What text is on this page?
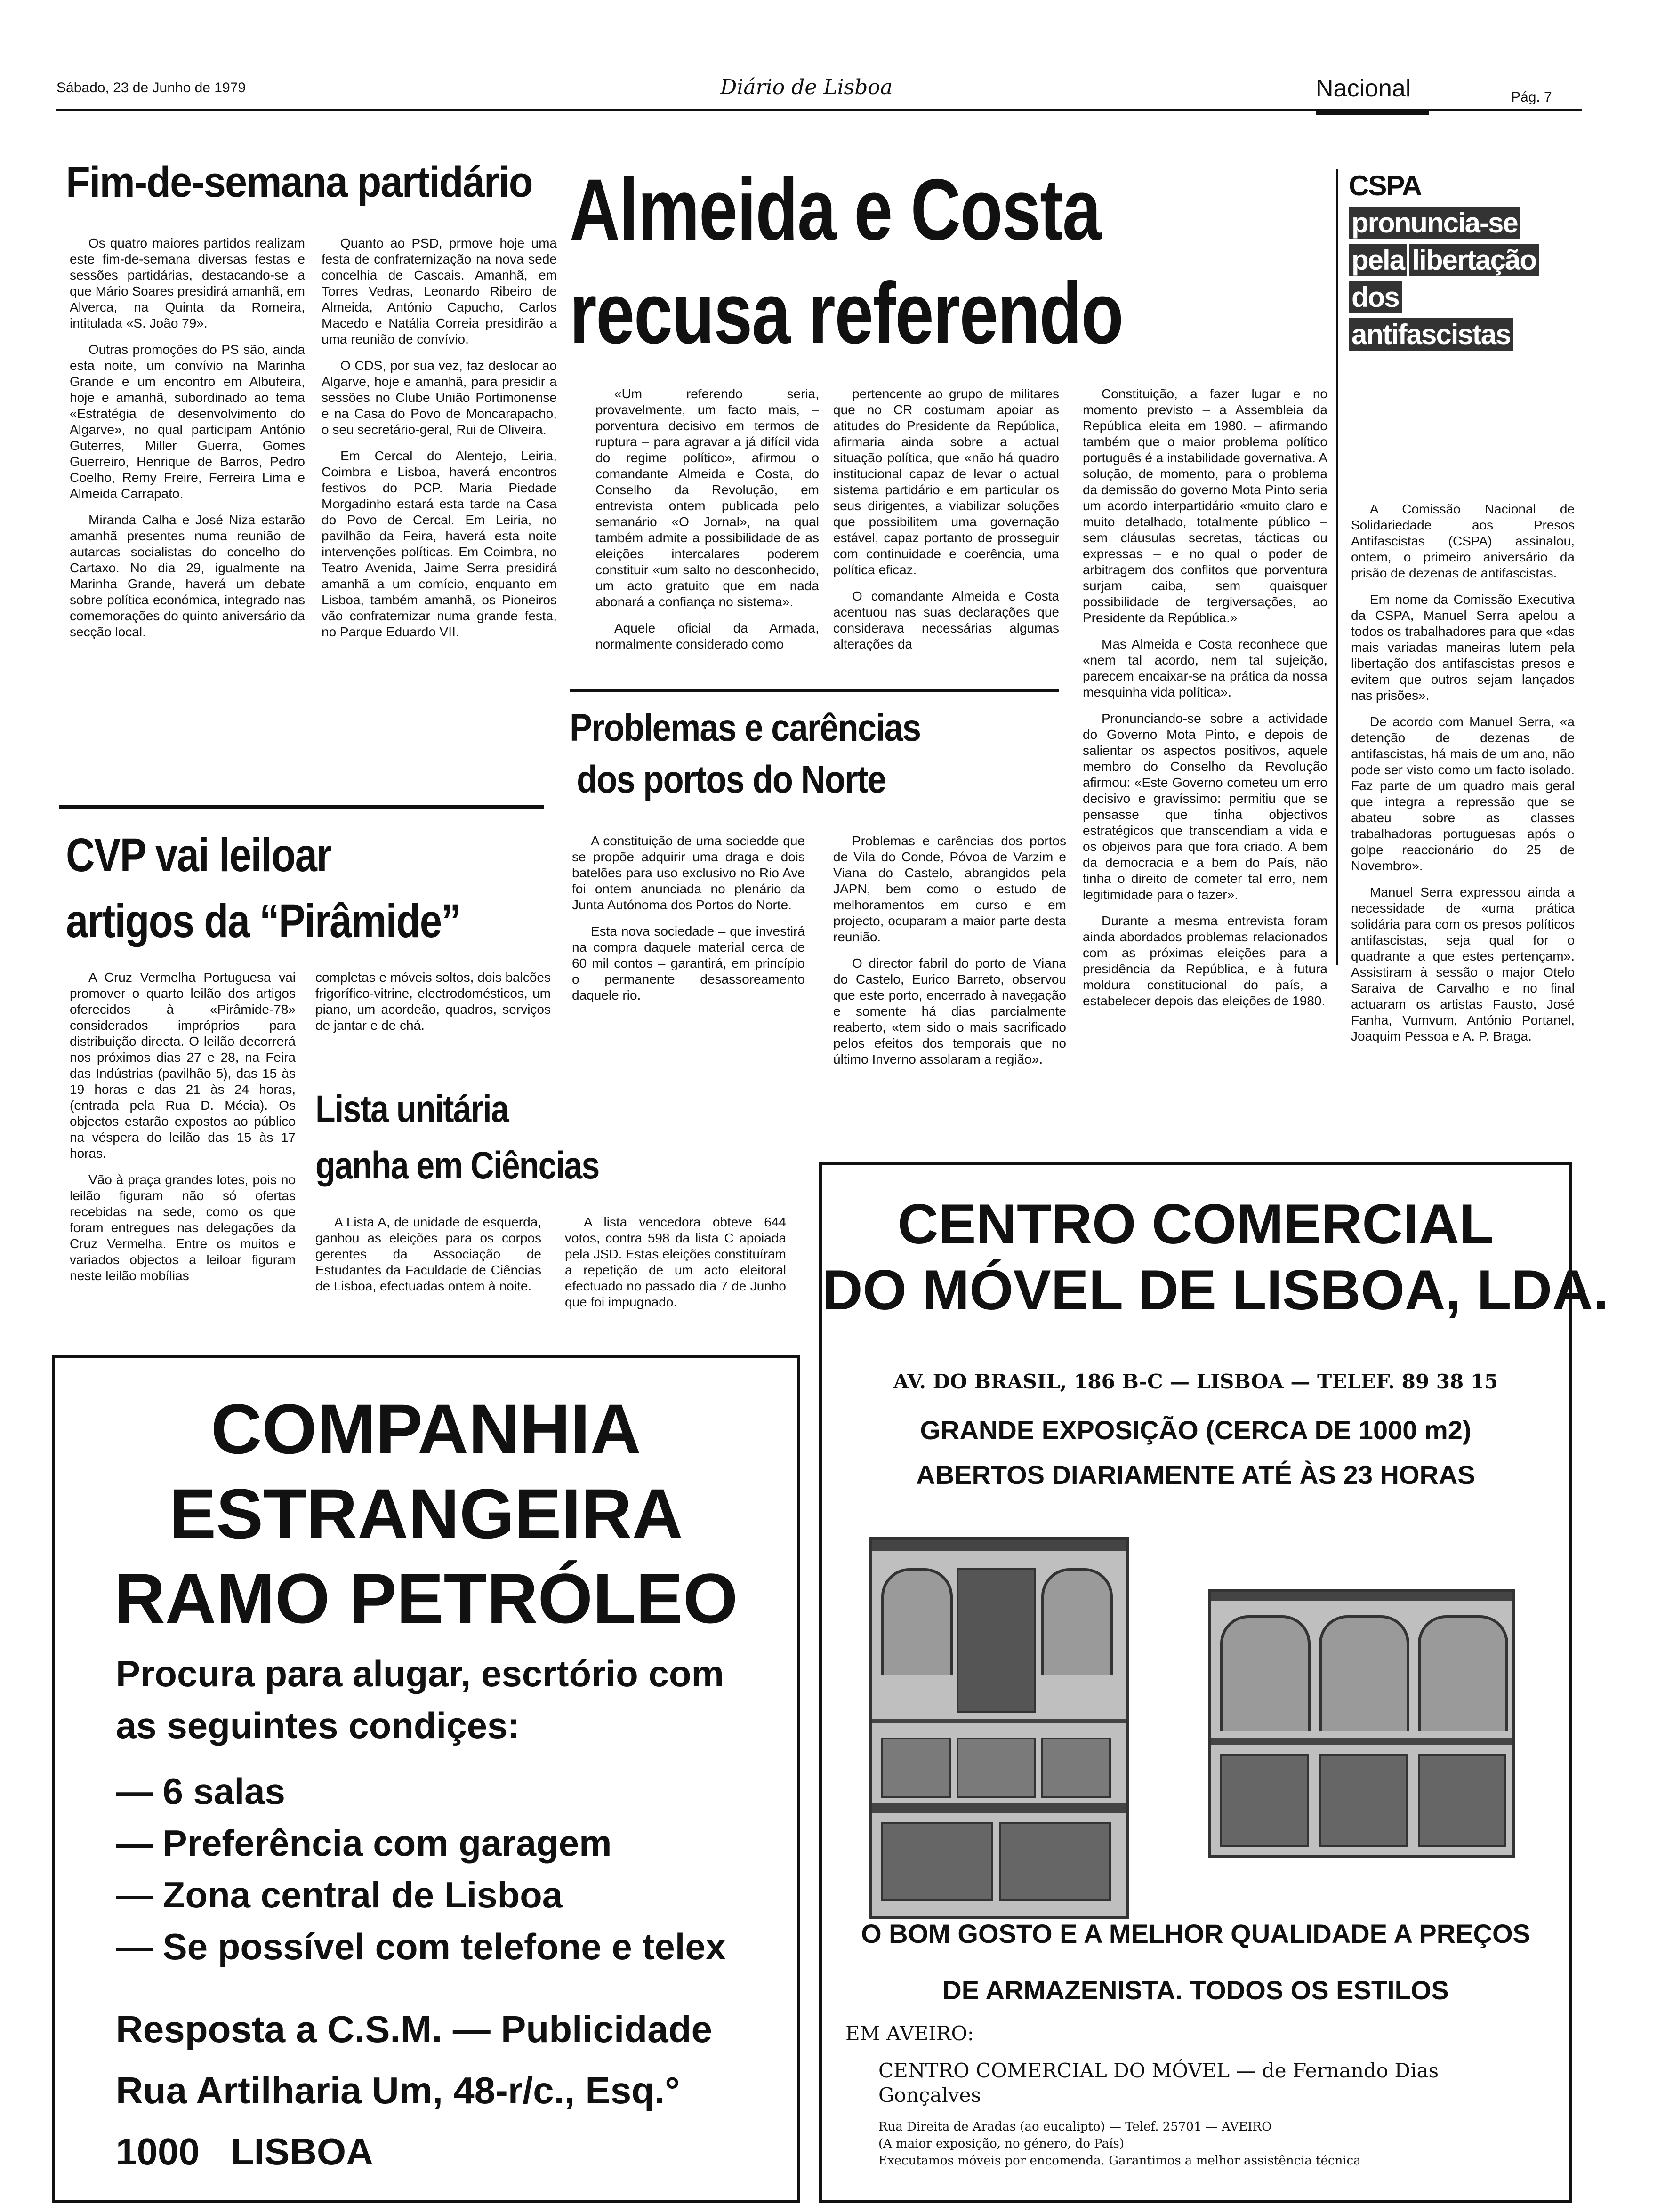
Sábado, 23 de Junho de 1979	Diário de Lisboa	Nacional	Pág. 7
Fim-de-semana partidário

Os quatro maiores partidos realizam este fim-de-semana diversas festas e sessões partidárias, destacando-se a que Mário Soares presidirá amanhã, em Alverca, na Quinta da Romeira, intitulada «S. João 79».

Outras promoções do PS são, ainda esta noite, um convívio na Marinha Grande e um encontro em Albufeira, hoje e amanhã, subordinado ao tema «Estratégia de desenvolvimento do Algarve», no qual participam António Guterres, Miller Guerra, Gomes Guerreiro, Henrique de Barros, Pedro Coelho, Remy Freire, Ferreira Lima e Almeida Carrapato.

Miranda Calha e José Niza estarão amanhã presentes numa reunião de autarcas socialistas do concelho do Cartaxo. No dia 29, igualmente na Marinha Grande, haverá um debate sobre política económica, integrado nas comemorações do quinto aniversário da secção local.

Quanto ao PSD, prmove hoje uma festa de confraternização na nova sede concelhia de Cascais. Amanhã, em Torres Vedras, Leonardo Ribeiro de Almeida, António Capucho, Carlos Macedo e Natália Correia presidirão a uma reunião de convívio.

O CDS, por sua vez, faz deslocar ao Algarve, hoje e amanhã, para presidir a sessões no Clube União Portimonense e na Casa do Povo de Moncarapacho, o seu secretário-geral, Rui de Oliveira.

Em Cercal do Alentejo, Leiria, Coimbra e Lisboa, haverá encontros festivos do PCP. Maria Piedade Morgadinho estará esta tarde na Casa do Povo de Cercal. Em Leiria, no pavilhão da Feira, haverá esta noite intervenções políticas. Em Coimbra, no Teatro Avenida, Jaime Serra presidirá amanhã a um comício, enquanto em Lisboa, também amanhã, os Pioneiros vão confraternizar numa grande festa, no Parque Eduardo VII.

Almeida e Costa
recusa referendo

«Um referendo seria, provavelmente, um facto mais, – porventura decisivo em termos de ruptura – para agravar a já difícil vida do regime político», afirmou o comandante Almeida e Costa, do Conselho da Revolução, em entrevista ontem publicada pelo semanário «O Jornal», na qual também admite a possibilidade de as eleições intercalares poderem constituir «um salto no desconhecido, um acto gratuito que em nada abonará a confiança no sistema».

Aquele oficial da Armada, normalmente considerado como

pertencente ao grupo de militares que no CR costumam apoiar as atitudes do Presidente da República, afirmaria ainda sobre a actual situação política, que «não há quadro institucional capaz de levar o actual sistema partidário e em particular os seus dirigentes, a viabilizar soluções que possibilitem uma governação estável, capaz portanto de prosseguir com continuidade e coerência, uma política eficaz.

O comandante Almeida e Costa acentuou nas suas declarações que considerava necessárias algumas alterações da

Constituição, a fazer lugar e no momento previsto – a Assembleia da República eleita em 1980. – afirmando também que o maior problema político português é a instabilidade governativa. A solução, de momento, para o problema da demissão do governo Mota Pinto seria um acordo interpartidário «muito claro e muito detalhado, totalmente público – sem cláusulas secretas, tácticas ou expressas – e no qual o poder de arbitragem dos conflitos que porventura surjam caiba, sem quaisquer possibilidade de tergiversações, ao Presidente da República.»

Mas Almeida e Costa reconhece que «nem tal acordo, nem tal sujeição, parecem encaixar-se na prática da nossa mesquinha vida política».

Pronunciando-se sobre a actividade do Governo Mota Pinto, e depois de salientar os aspectos positivos, aquele membro do Conselho da Revolução afirmou: «Este Governo cometeu um erro decisivo e gravíssimo: permitiu que se pensasse que tinha objectivos estratégicos que transcendiam a vida e os objeivos para que fora criado. A bem da democracia e a bem do País, não tinha o direito de cometer tal erro, nem legitimidade para o fazer».

Durante a mesma entrevista foram ainda abordados problemas relacionados com as próximas eleições para a presidência da República, e à futura moldura constitucional do país, a estabelecer depois das eleições de 1980.

CSPA
pronuncia-se pela libertação dos antifascistas

A Comissão Nacional de Solidariedade aos Presos Antifascistas (CSPA) assinalou, ontem, o primeiro aniversário da prisão de dezenas de antifascistas.

Em nome da Comissão Executiva da CSPA, Manuel Serra apelou a todos os trabalhadores para que «das mais variadas maneiras lutem pela libertação dos antifascistas presos e evitem que outros sejam lançados nas prisões».

De acordo com Manuel Serra, «a detenção de dezenas de antifascistas, há mais de um ano, não pode ser visto como um facto isolado. Faz parte de um quadro mais geral que integra a repressão que se abateu sobre as classes trabalhadoras portuguesas após o golpe reaccionário do 25 de Novembro».

Manuel Serra expressou ainda a necessidade de «uma prática solidária para com os presos políticos antifascistas, seja qual for o quadrante a que estes pertençam». Assistiram à sessão o major Otelo Saraiva de Carvalho e no final actuaram os artistas Fausto, José Fanha, Vumvum, António Portanel, Joaquim Pessoa e A. P. Braga.

Problemas e carências
dos portos do Norte

A constituição de uma sociedde que se propõe adquirir uma draga e dois batelões para uso exclusivo no Rio Ave foi ontem anunciada no plenário da Junta Autónoma dos Portos do Norte.

Esta nova sociedade – que investirá na compra daquele material cerca de 60 mil contos – garantirá, em princípio o permanente desassoreamento daquele rio.

Problemas e carências dos portos de Vila do Conde, Póvoa de Varzim e Viana do Castelo, abrangidos pela JAPN, bem como o estudo de melhoramentos em curso e em projecto, ocuparam a maior parte desta reunião.

O director fabril do porto de Viana do Castelo, Eurico Barreto, observou que este porto, encerrado à navegação e somente há dias parcialmente reaberto, «tem sido o mais sacrificado pelos efeitos dos temporais que no último Inverno assolaram a região».

CVP vai leiloar
artigos da “Pirâmide”

A Cruz Vermelha Portuguesa vai promover o quarto leilão dos artigos oferecidos à «Pirâmide-78» considerados impróprios para distribuição directa. O leilão decorrerá nos próximos dias 27 e 28, na Feira das Indústrias (pavilhão 5), das 15 às 19 horas e das 21 às 24 horas, (entrada pela Rua D. Mécia). Os objectos estarão expostos ao público na véspera do leilão das 15 às 17 horas.

Vão à praça grandes lotes, pois no leilão figuram não só ofertas recebidas na sede, como os que foram entregues nas delegações da Cruz Vermelha. Entre os muitos e variados objectos a leiloar figuram neste leilão mobílias

completas e móveis soltos, dois balcões frigorífico-vitrine, electrodomésticos, um piano, um acordeão, quadros, serviços de jantar e de chá.

Lista unitária
ganha em Ciências

A Lista A, de unidade de esquerda, ganhou as eleições para os corpos gerentes da Associação de Estudantes da Faculdade de Ciências de Lisboa, efectuadas ontem à noite.

A lista vencedora obteve 644 votos, contra 598 da lista C apoiada pela JSD. Estas eleições constituíram a repetição de um acto eleitoral efectuado no passado dia 7 de Junho que foi impugnado.

COMPANHIA
ESTRANGEIRA
RAMO PETRÓLEO
Procura para alugar, escrtório com
as seguintes condiçes:
— 6 salas
— Preferência com garagem
— Zona central de Lisboa
— Se possível com telefone e telex
Resposta a C.S.M. — Publicidade
Rua Artilharia Um, 48-r/c., Esq.°
1000   LISBOA
CENTRO COMERCIAL
DO MÓVEL DE LISBOA, LDA.
AV. DO BRASIL, 186 B-C — LISBOA — TELEF. 89 38 15
GRANDE EXPOSIÇÃO (CERCA DE 1000 m2)
ABERTOS DIARIAMENTE ATÉ ÀS 23 HORAS
O BOM GOSTO E A MELHOR QUALIDADE A PREÇOS
DE ARMAZENISTA. TODOS OS ESTILOS
EM AVEIRO:
CENTRO COMERCIAL DO MÓVEL — de Fernando Dias Gonçalves
Rua Direita de Aradas (ao eucalipto) — Telef. 25701 — AVEIRO
(A maior exposição, no género, do País)
Executamos móveis por encomenda. Garantimos a melhor assistência técnica
